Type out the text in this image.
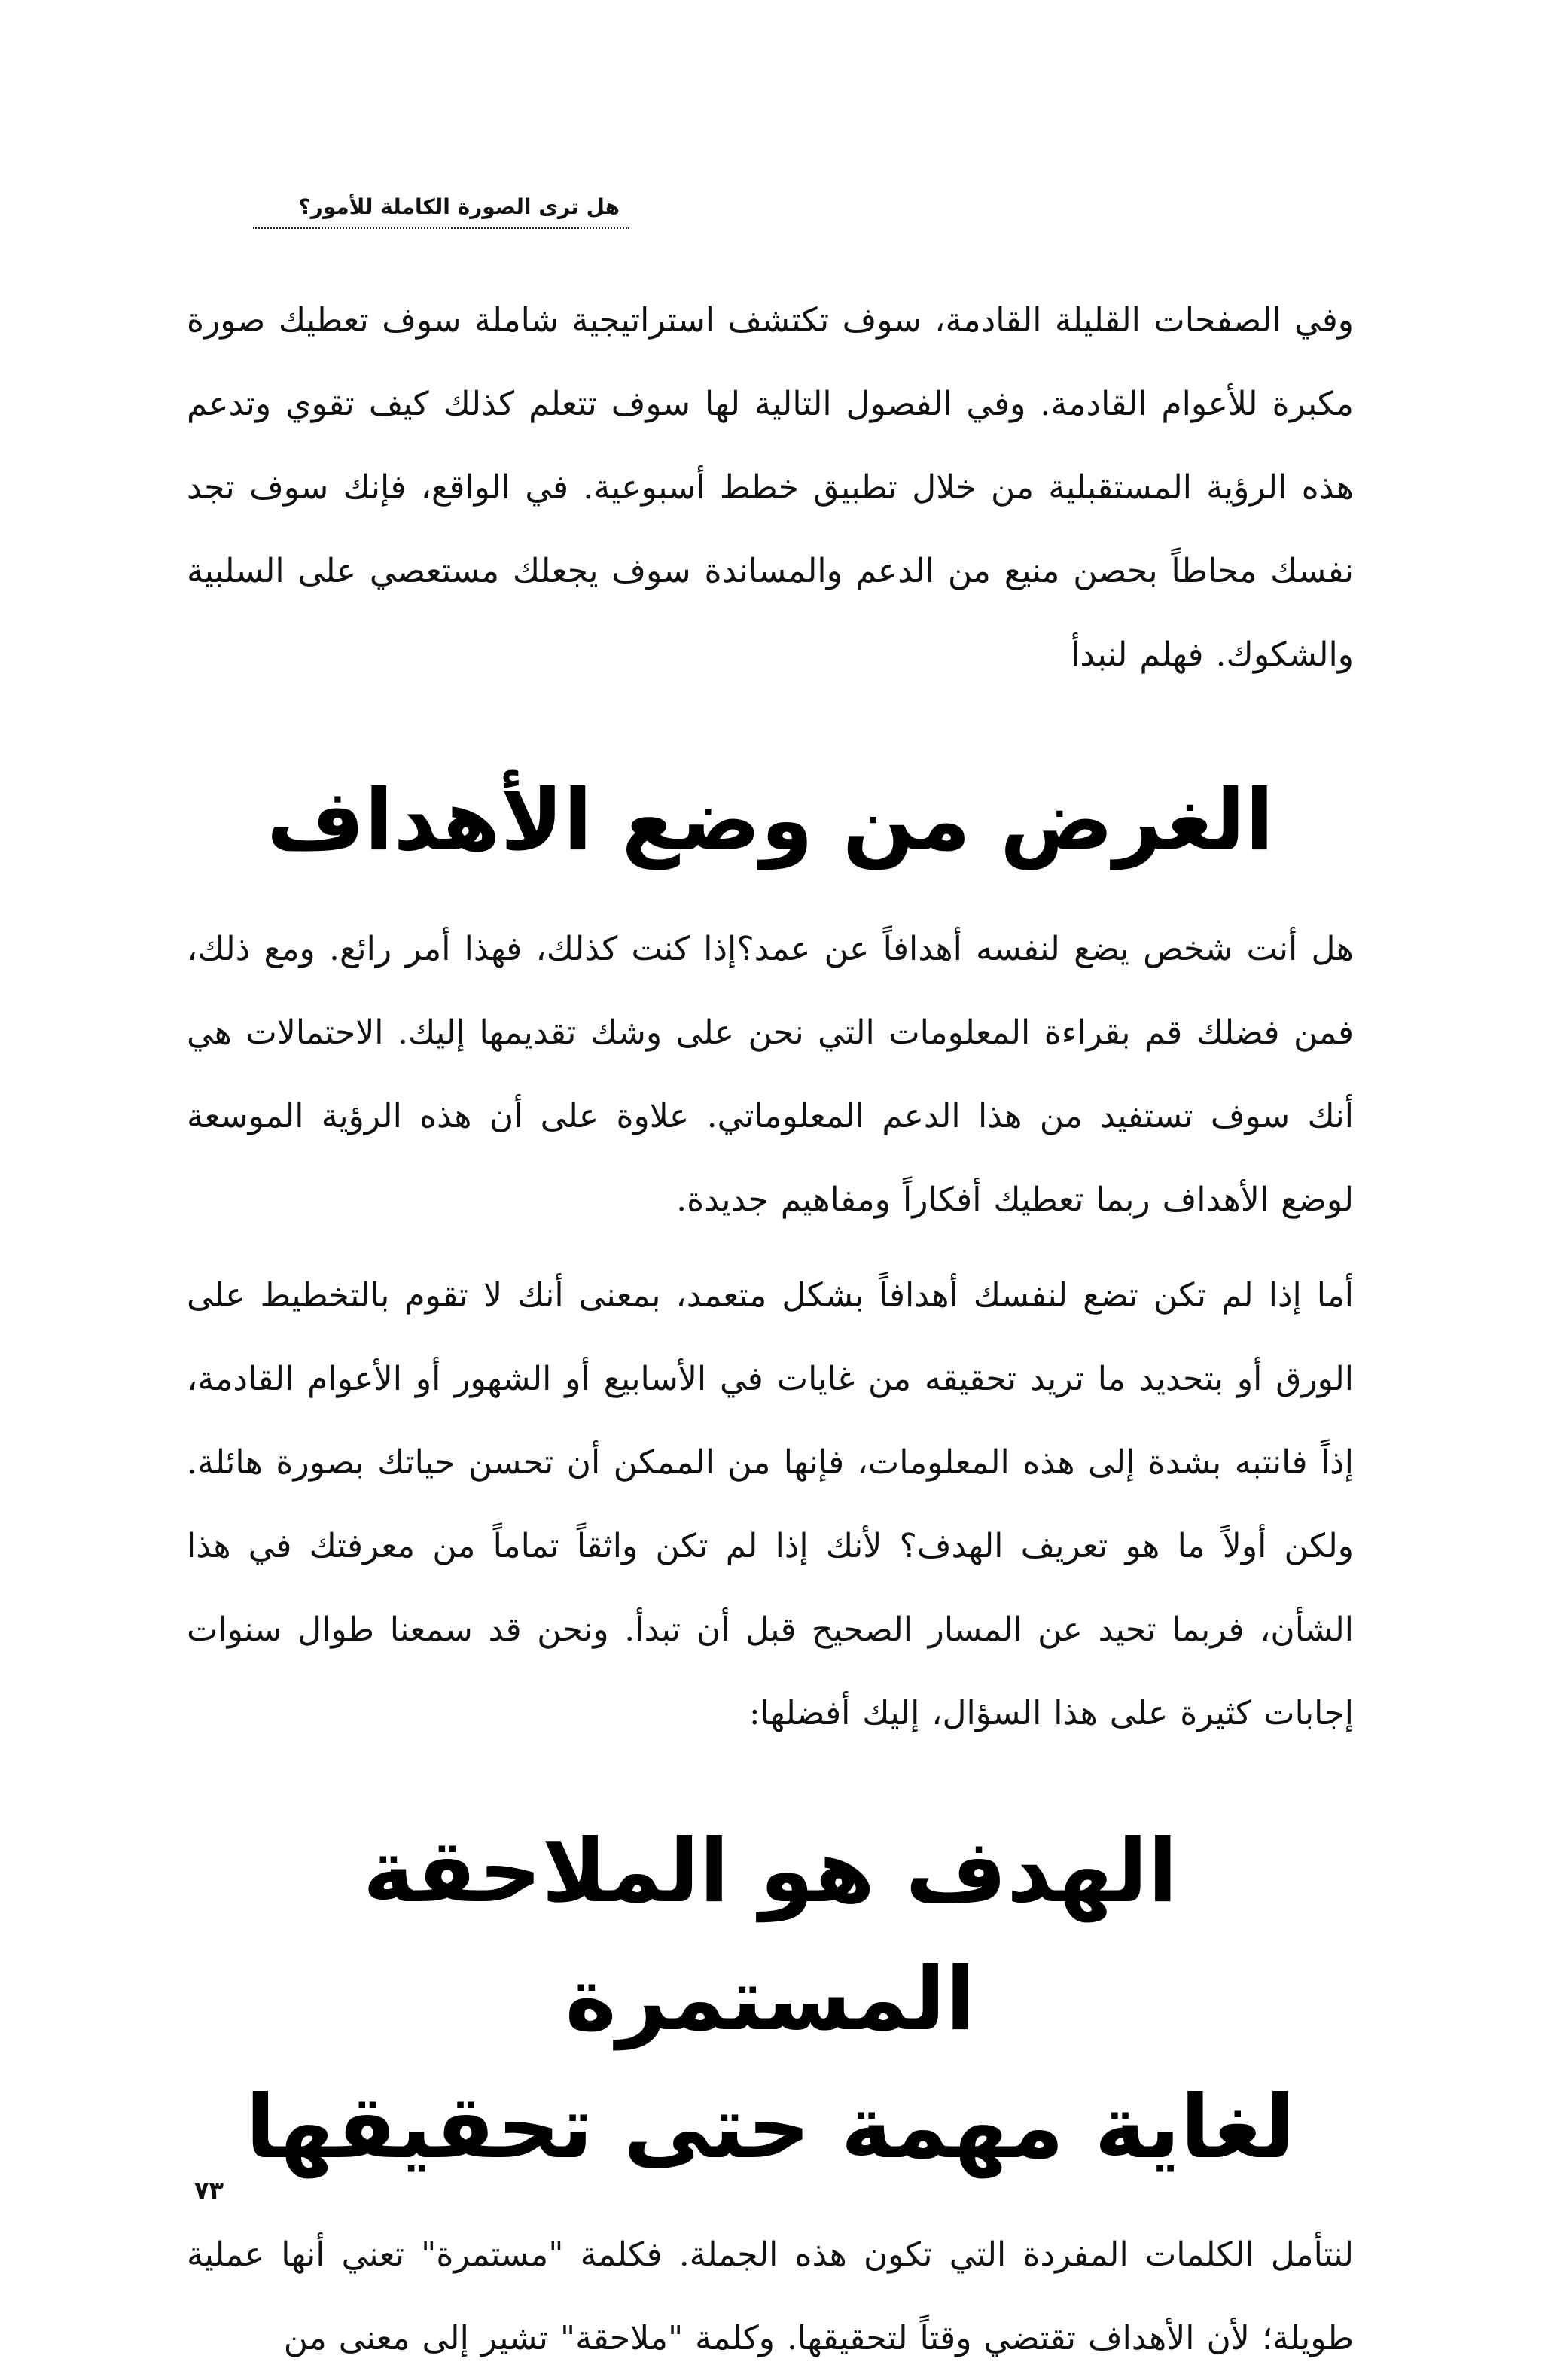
هل ترى الصورة الكاملة للأمور؟

وفي الصفحات القليلة القادمة، سوف تكتشف استراتيجية شاملة سوف تعطيك صورة مكبرة للأعوام القادمة. وفي الفصول التالية لها سوف تتعلم كذلك كيف تقوي وتدعم هذه الرؤية المستقبلية من خلال تطبيق خطط أسبوعية. في الواقع، فإنك سوف تجد نفسك محاطاً بحصن منيع من الدعم والمساندة سوف يجعلك مستعصي على السلبية والشكوك. فهلم لنبدأ

الغرض من وضع الأهداف

هل أنت شخص يضع لنفسه أهدافاً عن عمد؟إذا كنت كذلك، فهذا أمر رائع. ومع ذلك، فمن فضلك قم بقراءة المعلومات التي نحن على وشك تقديمها إليك. الاحتمالات هي أنك سوف تستفيد من هذا الدعم المعلوماتي. علاوة على أن هذه الرؤية الموسعة لوضع الأهداف ربما تعطيك أفكاراً ومفاهيم جديدة.

أما إذا لم تكن تضع لنفسك أهدافاً بشكل متعمد، بمعنى أنك لا تقوم بالتخطيط على الورق أو بتحديد ما تريد تحقيقه من غايات في الأسابيع أو الشهور أو الأعوام القادمة، إذاً فانتبه بشدة إلى هذه المعلومات، فإنها من الممكن أن تحسن حياتك بصورة هائلة. ولكن أولاً ما هو تعريف الهدف؟ لأنك إذا لم تكن واثقاً تماماً من معرفتك في هذا الشأن، فربما تحيد عن المسار الصحيح قبل أن تبدأ. ونحن قد سمعنا طوال سنوات إجابات كثيرة على هذا السؤال، إليك أفضلها:

الهدف هو الملاحقة المستمرة
لغاية مهمة حتى تحقيقها

لنتأمل الكلمات المفردة التي تكون هذه الجملة. فكلمة "مستمرة" تعني أنها عملية طويلة؛ لأن الأهداف تقتضي وقتاً لتحقيقها. وكلمة "ملاحقة" تشير إلى معنى من

٧٣
